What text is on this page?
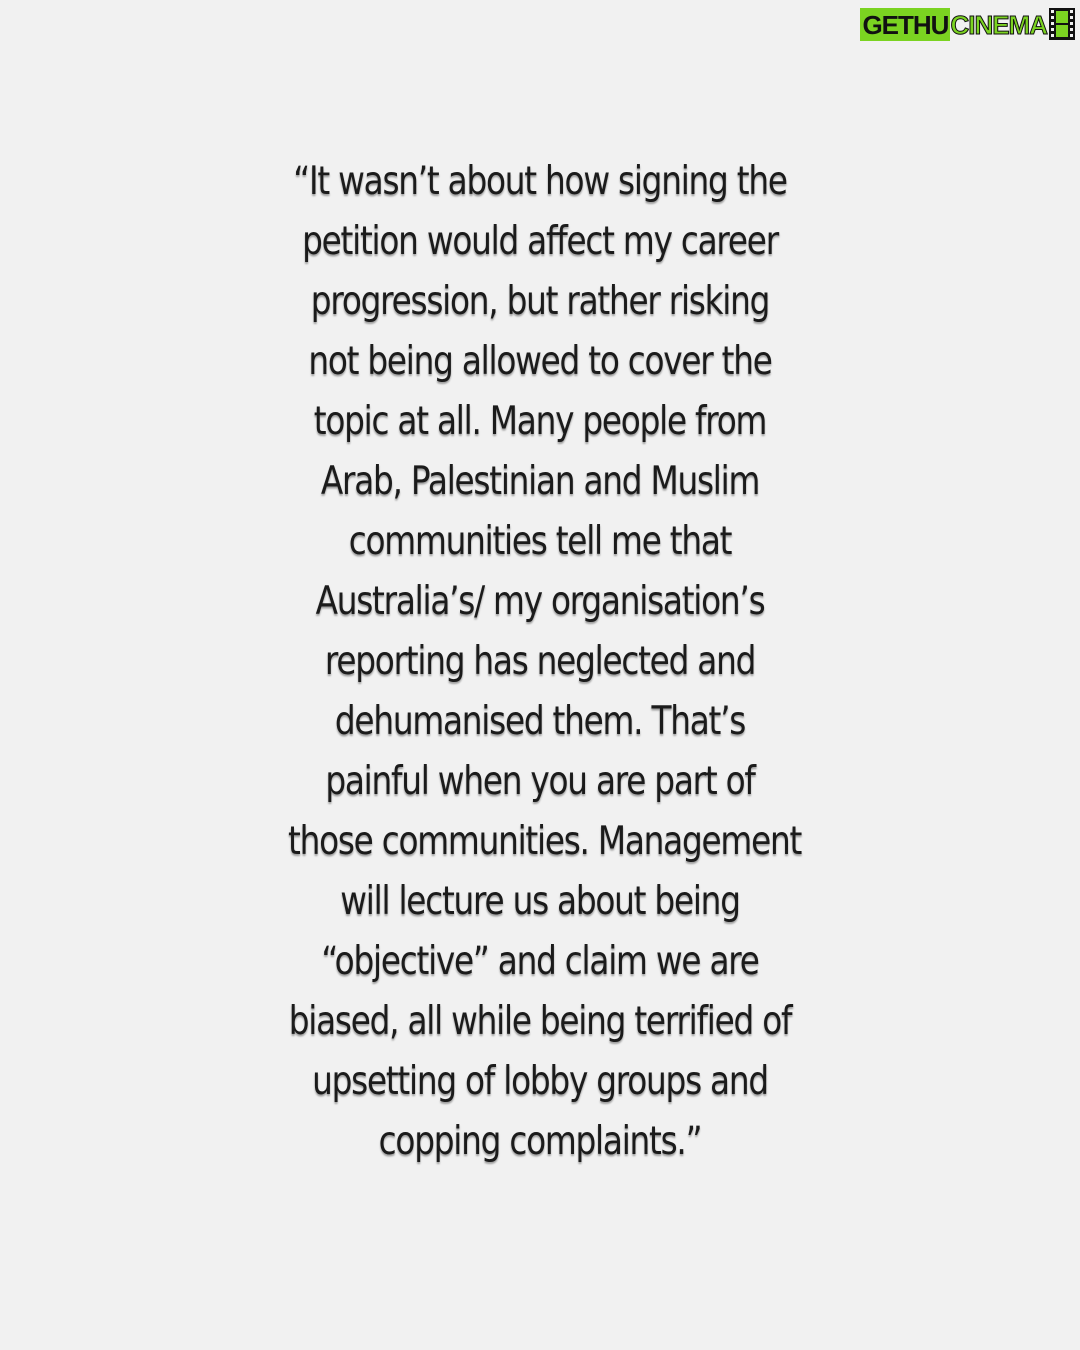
GETHU CINEMA
“It wasn’t about how signing the
petition would affect my career
progression, but rather risking
not being allowed to cover the
topic at all. Many people from
Arab, Palestinian and Muslim
communities tell me that
Australia’s/ my organisation’s
reporting has neglected and
dehumanised them. That’s
painful when you are part of
those communities. Management
will lecture us about being
“objective” and claim we are
biased, all while being terrified of
upsetting of lobby groups and
copping complaints.”
